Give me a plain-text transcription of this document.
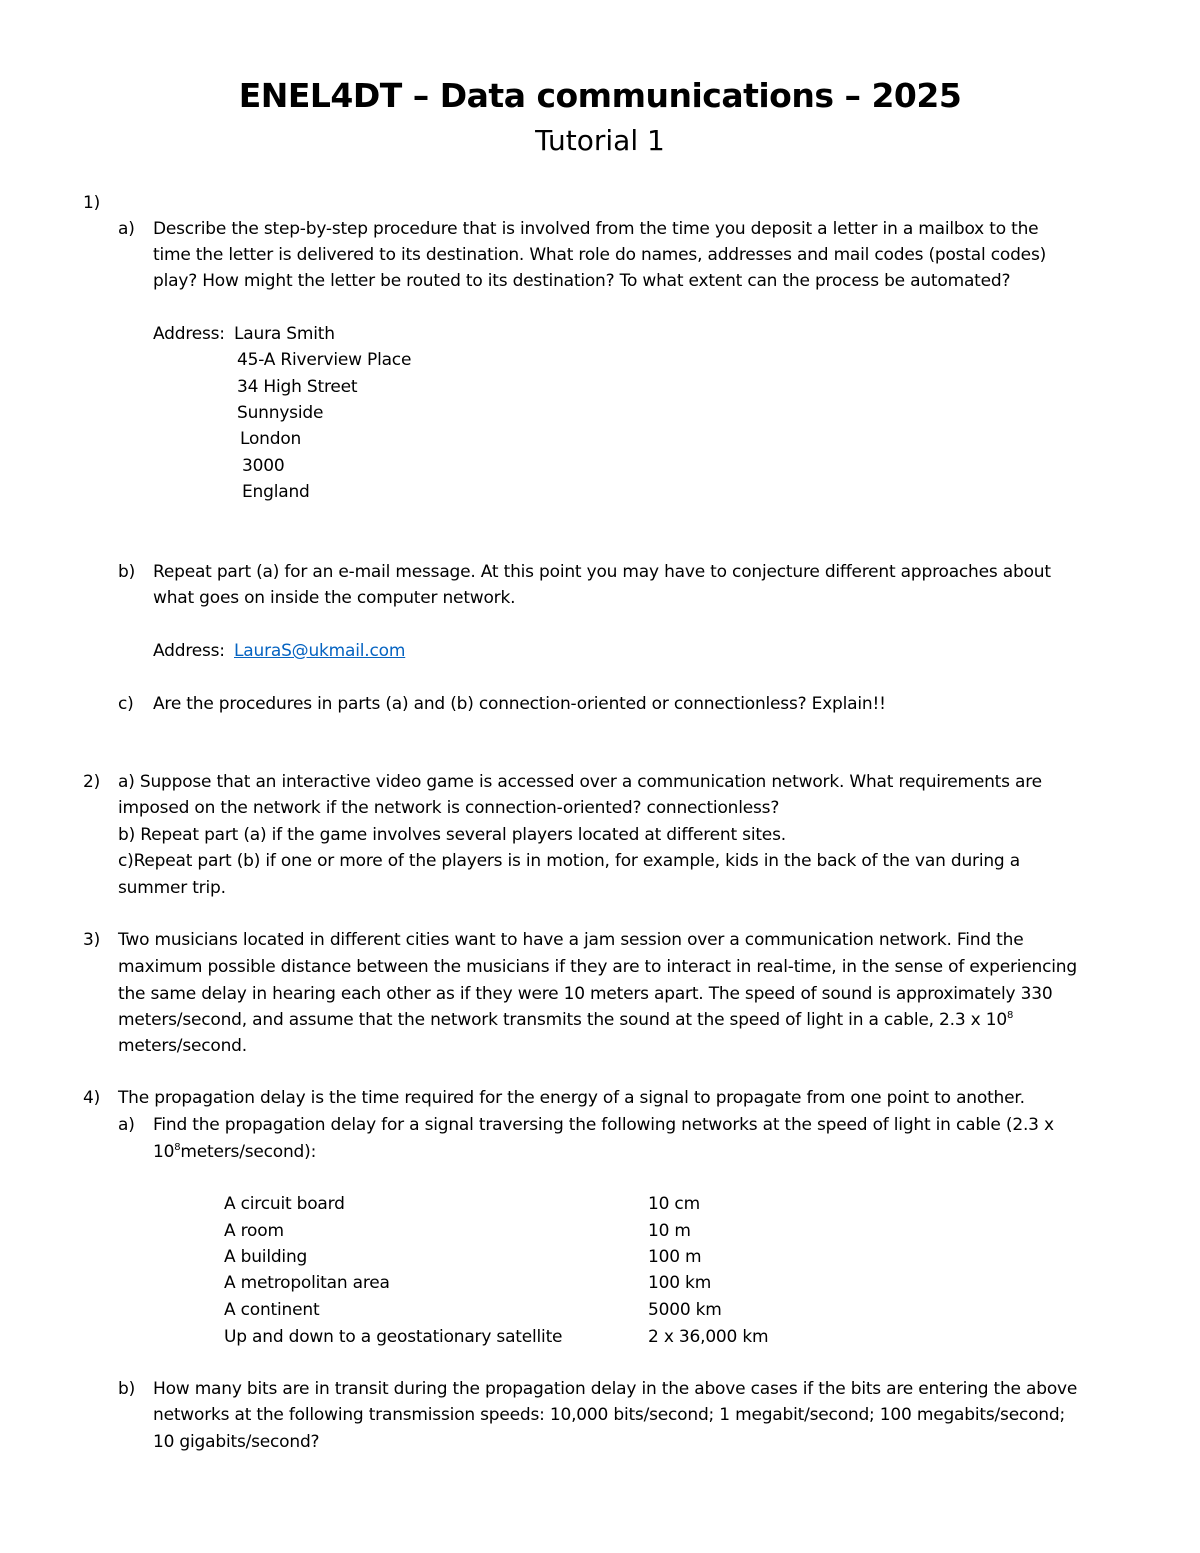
ENEL4DT – Data communications – 2025
Tutorial 1
1)
a) Describe the step-by-step procedure that is involved from the time you deposit a letter in a mailbox to the
time the letter is delivered to its destination. What role do names, addresses and mail codes (postal codes)
play? How might the letter be routed to its destination? To what extent can the process be automated?
Address: Laura Smith
45-A Riverview Place
34 High Street
Sunnyside
London
3000
England
b) Repeat part (a) for an e-mail message. At this point you may have to conjecture different approaches about
what goes on inside the computer network.
Address: LauraS@ukmail.com
c) Are the procedures in parts (a) and (b) connection-oriented or connectionless? Explain!!
2) a) Suppose that an interactive video game is accessed over a communication network. What requirements are
imposed on the network if the network is connection-oriented? connectionless?
b) Repeat part (a) if the game involves several players located at different sites.
c)Repeat part (b) if one or more of the players is in motion, for example, kids in the back of the van during a
summer trip.
3) Two musicians located in different cities want to have a jam session over a communication network. Find the
maximum possible distance between the musicians if they are to interact in real-time, in the sense of experiencing
the same delay in hearing each other as if they were 10 meters apart. The speed of sound is approximately 330
meters/second, and assume that the network transmits the sound at the speed of light in a cable, 2.3 x $10^8$
meters/second.
4) The propagation delay is the time required for the energy of a signal to propagate from one point to another.
a) Find the propagation delay for a signal traversing the following networks at the speed of light in cable (2.3 x
$10^8meters/second$):
A circuit board	10 cm
A room	10 m
A building	100 m
A metropolitan area	100 km
A continent	5000 km
Up and down to a geostationary satellite	2 x 36,000 km
b) How many bits are in transit during the propagation delay in the above cases if the bits are entering the above
networks at the following transmission speeds: 10,000 bits/second; 1 megabit/second; 100 megabits/second;
10 gigabits/second?
